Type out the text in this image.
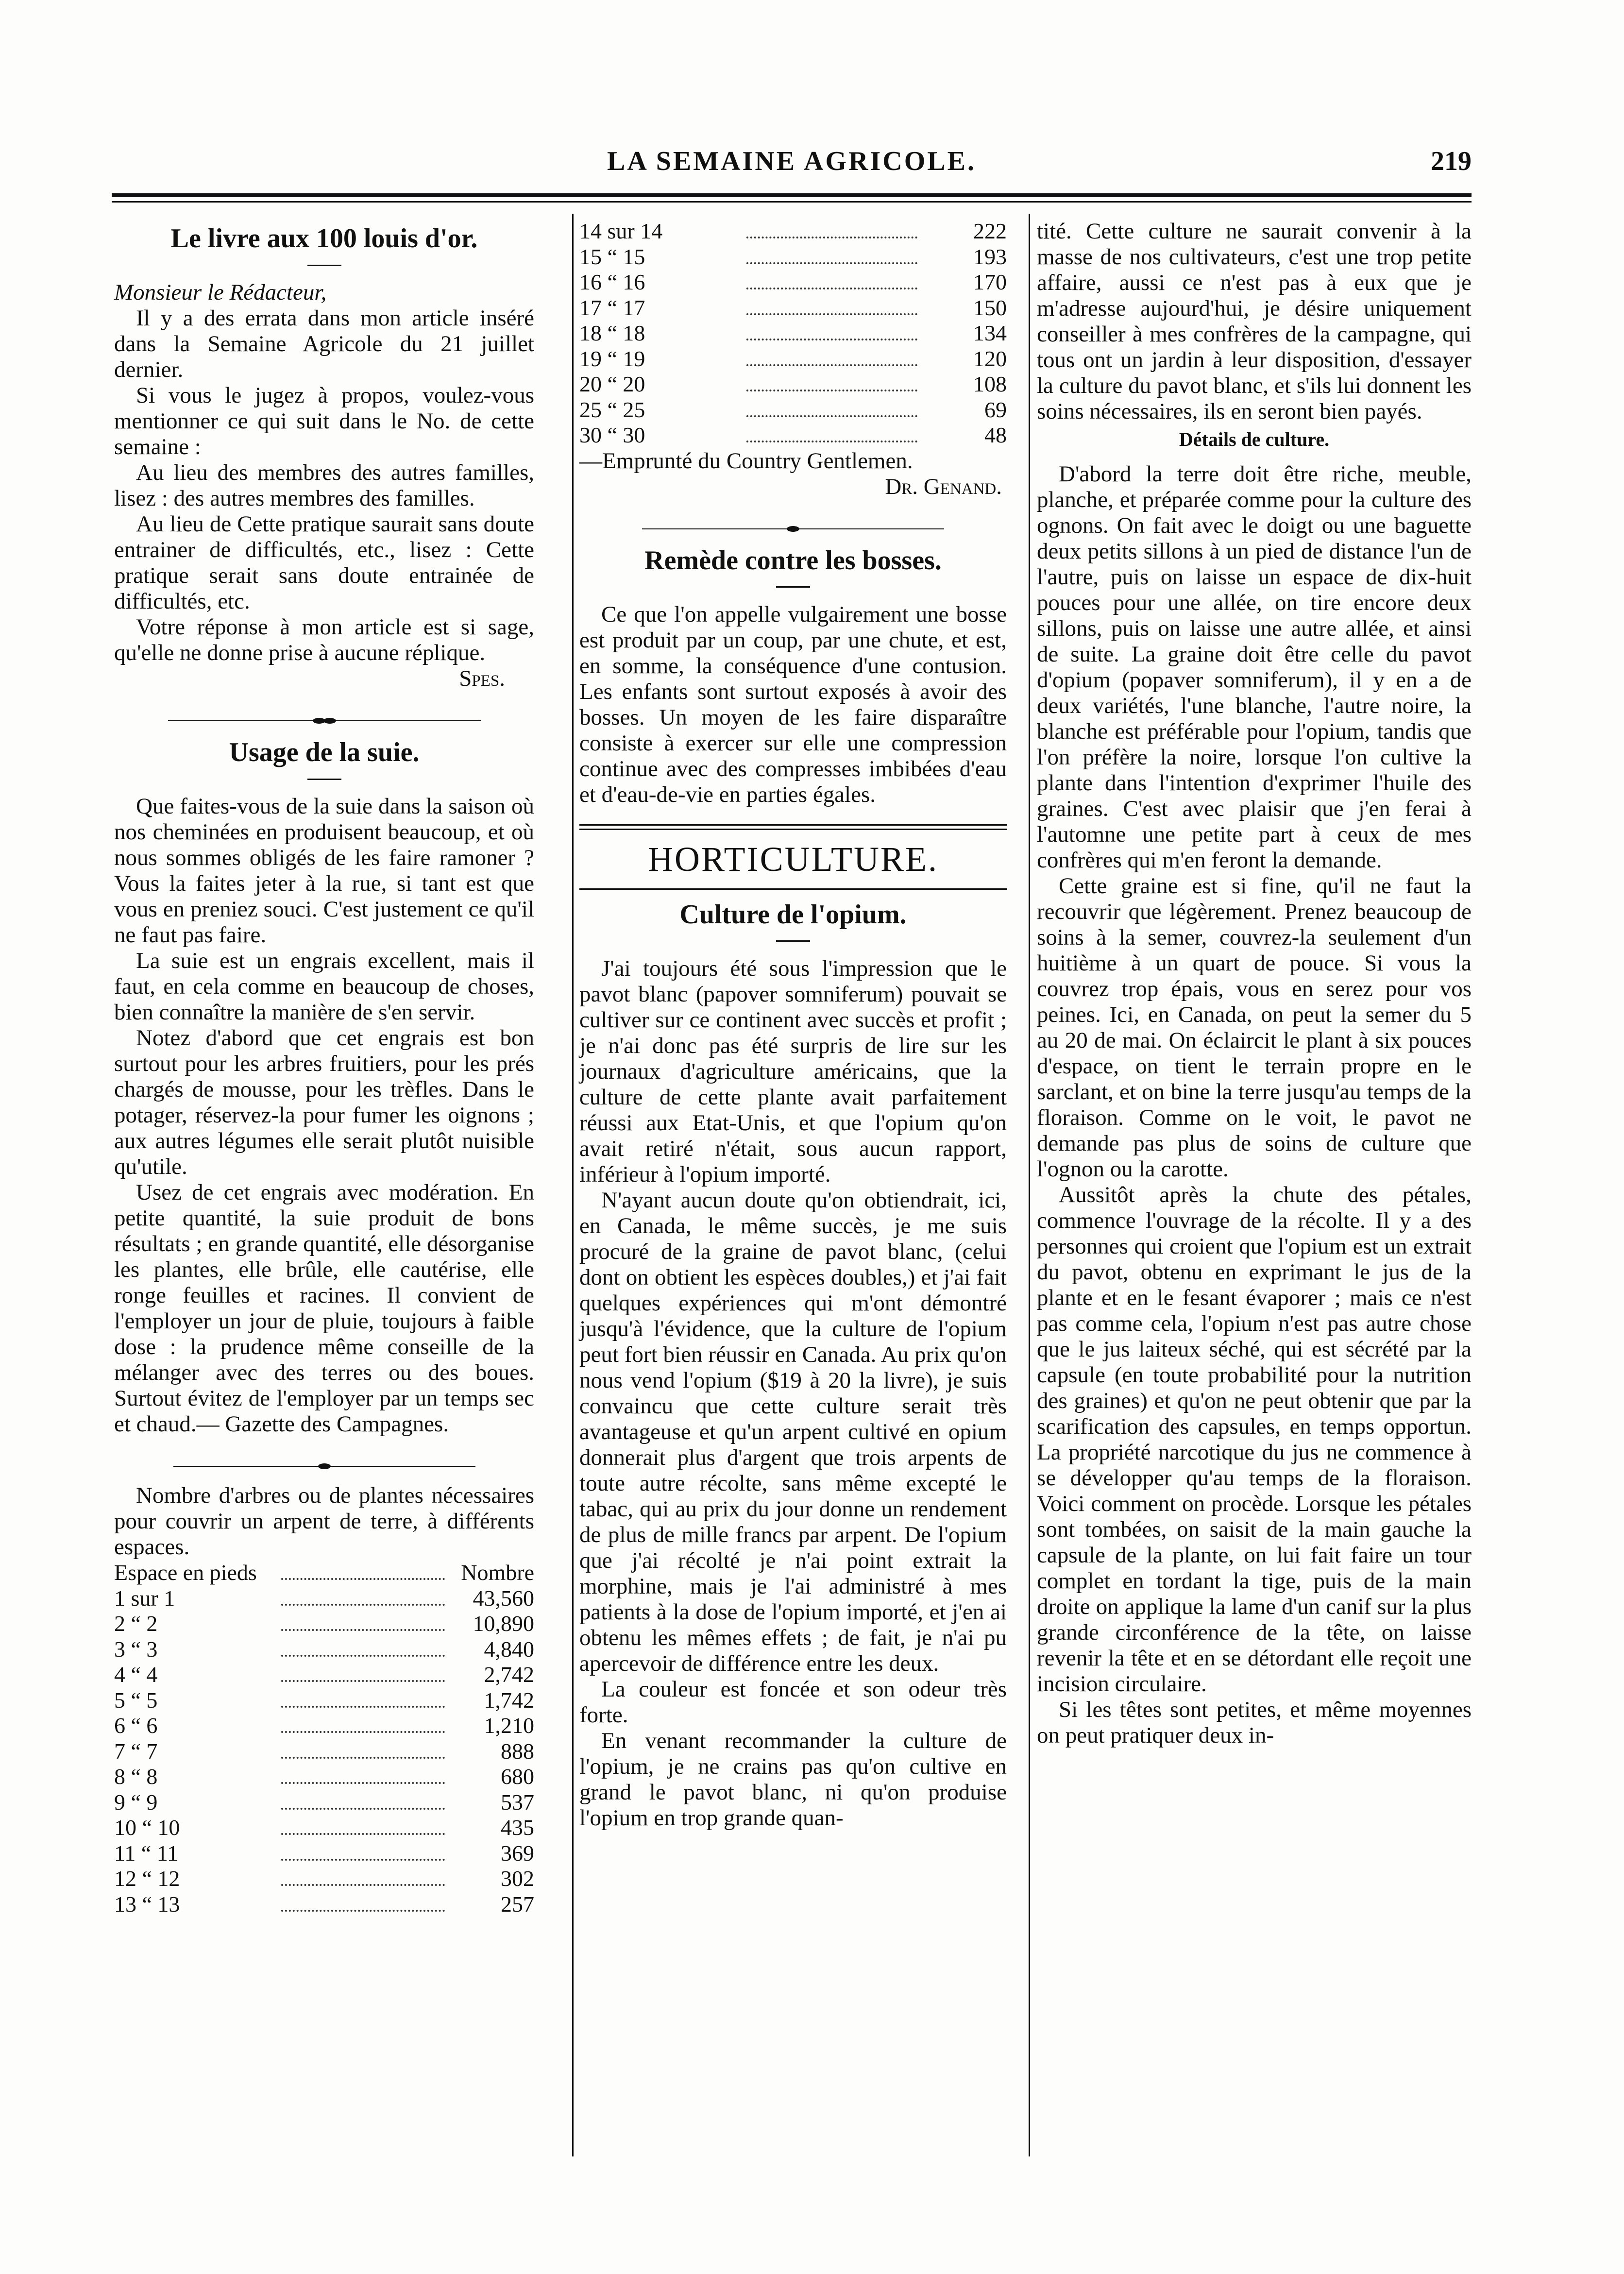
LA SEMAINE AGRICOLE.	219
Le livre aux 100 louis d'or.

Monsieur le Rédacteur,

Il y a des errata dans mon article inséré dans la Semaine Agricole du 21 juillet dernier.

Si vous le jugez à propos, voulez-vous mentionner ce qui suit dans le No. de cette semaine :

Au lieu des membres des autres familles, lisez : des autres membres des familles.

Au lieu de Cette pratique saurait sans doute entrainer de difficultés, etc., lisez : Cette pratique serait sans doute entrainée de difficultés, etc.

Votre réponse à mon article est si sage, qu'elle ne donne prise à aucune réplique.

Spes.

Usage de la suie.

Que faites-vous de la suie dans la saison où nos cheminées en produisent beaucoup, et où nous sommes obligés de les faire ramoner ? Vous la faites jeter à la rue, si tant est que vous en preniez souci. C'est justement ce qu'il ne faut pas faire.

La suie est un engrais excellent, mais il faut, en cela comme en beaucoup de choses, bien connaître la manière de s'en servir.

Notez d'abord que cet engrais est bon surtout pour les arbres fruitiers, pour les prés chargés de mousse, pour les trèfles. Dans le potager, réservez-la pour fumer les oignons ; aux autres légumes elle serait plutôt nuisible qu'utile.

Usez de cet engrais avec modération. En petite quantité, la suie produit de bons résultats ; en grande quantité, elle désorganise les plantes, elle brûle, elle cautérise, elle ronge feuilles et racines. Il convient de l'employer un jour de pluie, toujours à faible dose : la prudence même conseille de la mélanger avec des terres ou des boues. Surtout évitez de l'employer par un temps sec et chaud.— Gazette des Campagnes.

Nombre d'arbres ou de plantes nécessaires pour couvrir un arpent de terre, à différents espaces.

Espace en pieds		Nombre
1 sur 1		43,560
2 “ 2		10,890
3 “ 3		4,840
4 “ 4		2,742
5 “ 5		1,742
6 “ 6		1,210
7 “ 7		888
8 “ 8		680
9 “ 9		537
10 “ 10		435
11 “ 11		369
12 “ 12		302
13 “ 13		257
14 sur 14		222
15 “ 15		193
16 “ 16		170
17 “ 17		150
18 “ 18		134
19 “ 19		120
20 “ 20		108
25 “ 25		69
30 “ 30		48

—Emprunté du Country Gentlemen.

Dr. Genand.

Remède contre les bosses.

Ce que l'on appelle vulgairement une bosse est produit par un coup, par une chute, et est, en somme, la conséquence d'une contusion. Les enfants sont surtout exposés à avoir des bosses. Un moyen de les faire disparaître consiste à exercer sur elle une compression continue avec des compresses imbibées d'eau et d'eau-de-vie en parties égales.

HORTICULTURE.
Culture de l'opium.

J'ai toujours été sous l'impression que le pavot blanc (papover somniferum) pouvait se cultiver sur ce continent avec succès et profit ; je n'ai donc pas été surpris de lire sur les journaux d'agriculture américains, que la culture de cette plante avait parfaitement réussi aux Etat-Unis, et que l'opium qu'on avait retiré n'était, sous aucun rapport, inférieur à l'opium importé.

N'ayant aucun doute qu'on obtiendrait, ici, en Canada, le même succès, je me suis procuré de la graine de pavot blanc, (celui dont on obtient les espèces doubles,) et j'ai fait quelques expériences qui m'ont démontré jusqu'à l'évidence, que la culture de l'opium peut fort bien réussir en Canada. Au prix qu'on nous vend l'opium ($19 à 20 la livre), je suis convaincu que cette culture serait très avantageuse et qu'un arpent cultivé en opium donnerait plus d'argent que trois arpents de toute autre récolte, sans même excepté le tabac, qui au prix du jour donne un rendement de plus de mille francs par arpent. De l'opium que j'ai récolté je n'ai point extrait la morphine, mais je l'ai administré à mes patients à la dose de l'opium importé, et j'en ai obtenu les mêmes effets ; de fait, je n'ai pu apercevoir de différence entre les deux.

La couleur est foncée et son odeur très forte.

En venant recommander la culture de l'opium, je ne crains pas qu'on cultive en grand le pavot blanc, ni qu'on produise l'opium en trop grande quan-

tité. Cette culture ne saurait convenir à la masse de nos cultivateurs, c'est une trop petite affaire, aussi ce n'est pas à eux que je m'adresse aujourd'hui, je désire uniquement conseiller à mes confrères de la campagne, qui tous ont un jardin à leur disposition, d'essayer la culture du pavot blanc, et s'ils lui donnent les soins nécessaires, ils en seront bien payés.

Détails de culture.

D'abord la terre doit être riche, meuble, planche, et préparée comme pour la culture des ognons. On fait avec le doigt ou une baguette deux petits sillons à un pied de distance l'un de l'autre, puis on laisse un espace de dix-huit pouces pour une allée, on tire encore deux sillons, puis on laisse une autre allée, et ainsi de suite. La graine doit être celle du pavot d'opium (popaver somniferum), il y en a de deux variétés, l'une blanche, l'autre noire, la blanche est préférable pour l'opium, tandis que l'on préfère la noire, lorsque l'on cultive la plante dans l'intention d'exprimer l'huile des graines. C'est avec plaisir que j'en ferai à l'automne une petite part à ceux de mes confrères qui m'en feront la demande.

Cette graine est si fine, qu'il ne faut la recouvrir que légèrement. Prenez beaucoup de soins à la semer, couvrez-la seulement d'un huitième à un quart de pouce. Si vous la couvrez trop épais, vous en serez pour vos peines. Ici, en Canada, on peut la semer du 5 au 20 de mai. On éclaircit le plant à six pouces d'espace, on tient le terrain propre en le sarclant, et on bine la terre jusqu'au temps de la floraison. Comme on le voit, le pavot ne demande pas plus de soins de culture que l'ognon ou la carotte.

Aussitôt après la chute des pétales, commence l'ouvrage de la récolte. Il y a des personnes qui croient que l'opium est un extrait du pavot, obtenu en exprimant le jus de la plante et en le fesant évaporer ; mais ce n'est pas comme cela, l'opium n'est pas autre chose que le jus laiteux séché, qui est sécrété par la capsule (en toute probabilité pour la nutrition des graines) et qu'on ne peut obtenir que par la scarification des capsules, en temps opportun. La propriété narcotique du jus ne commence à se développer qu'au temps de la floraison. Voici comment on procède. Lorsque les pétales sont tombées, on saisit de la main gauche la capsule de la plante, on lui fait faire un tour complet en tordant la tige, puis de la main droite on applique la lame d'un canif sur la plus grande circonférence de la tête, on laisse revenir la tête et en se détordant elle reçoit une incision circulaire.

Si les têtes sont petites, et même moyennes on peut pratiquer deux in-
